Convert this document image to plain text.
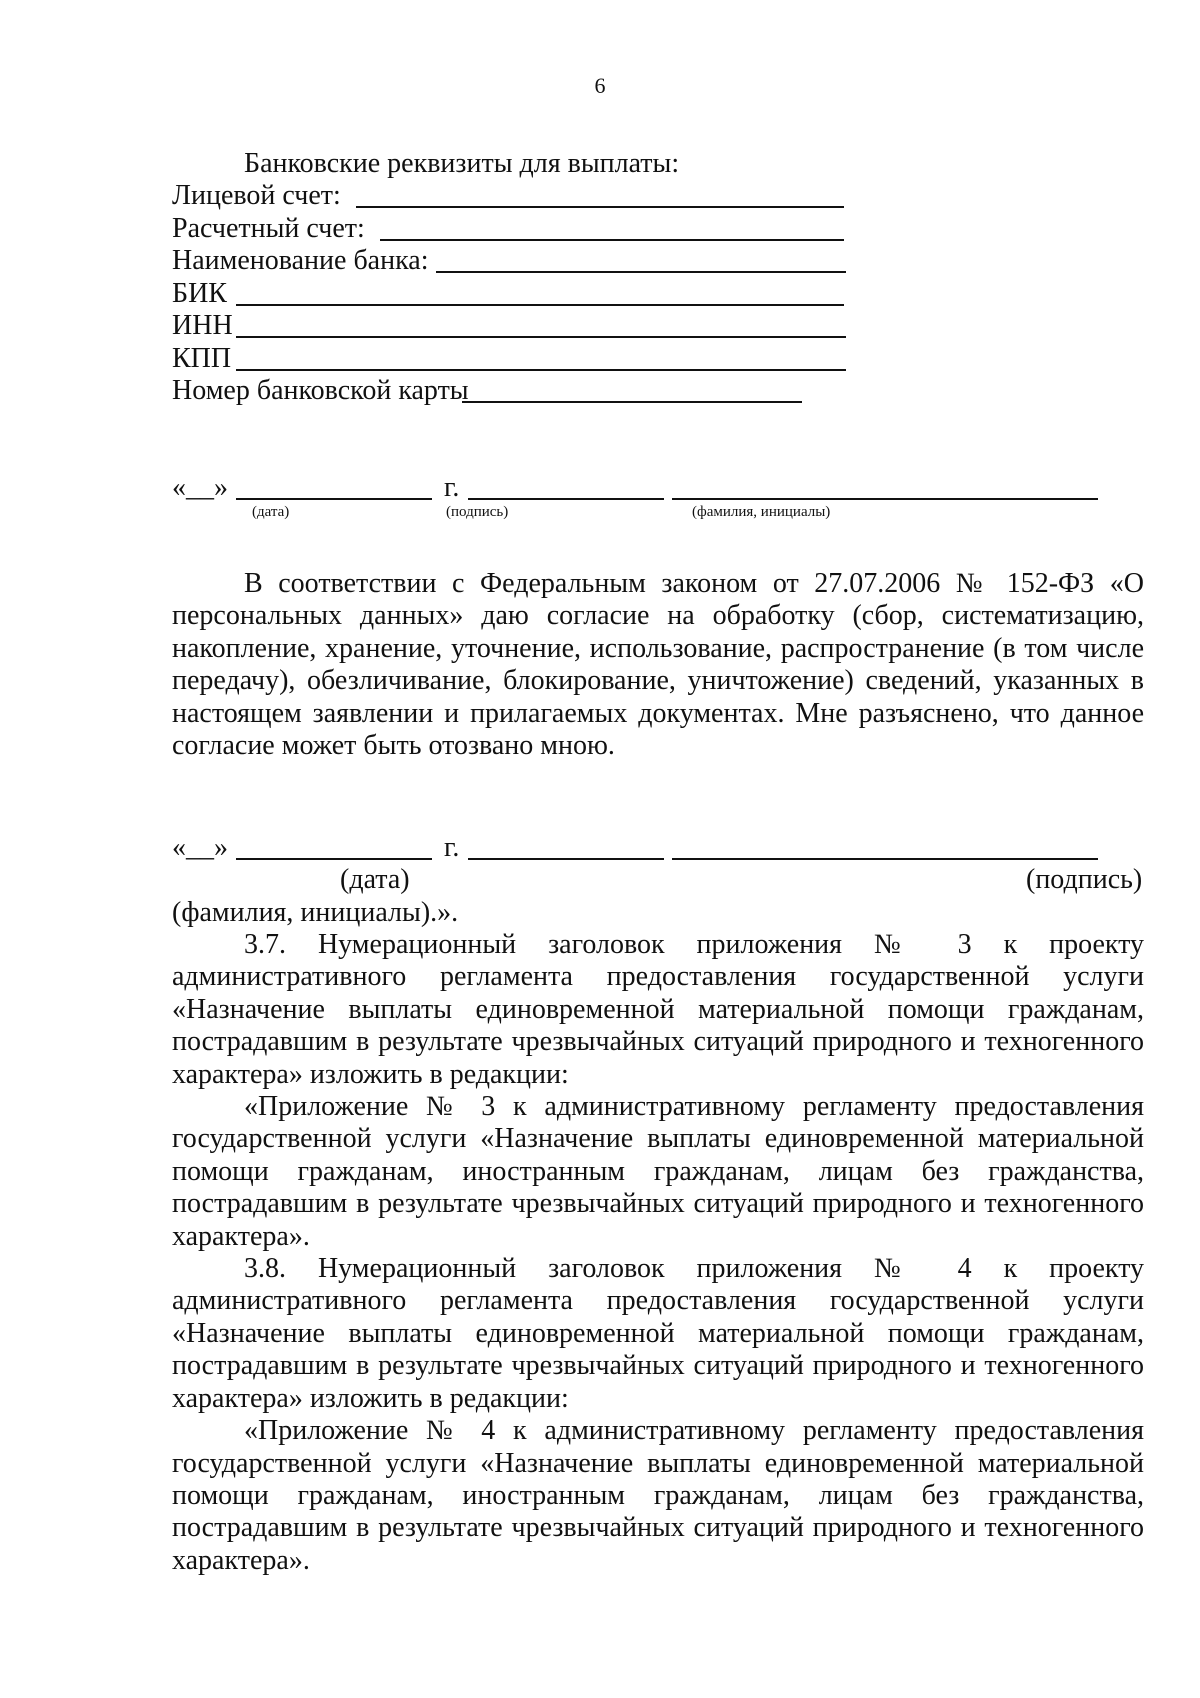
6
Банковские реквизиты для выплаты:
Лицевой счет:
Расчетный счет:
Наименование банка:
БИК
ИНН
КПП
Номер банковской карты
«__»	г.
(дата)	(подпись)	(фамилия, инициалы)
В соответствии с Федеральным законом от 27.07.2006 № 152-ФЗ «О персональных данных» даю согласие на обработку (сбор, систематизацию, накопление, хранение, уточнение, использование, распространение (в том числе передачу), обезличивание, блокирование, уничтожение) сведений, указанных в настоящем заявлении и прилагаемых документах. Мне разъяснено, что данное согласие может быть отозвано мною.
«__»	г.
(дата)	(подпись)
(фамилия, инициалы).».

3.7. Нумерационный заголовок приложения № 3 к проекту административного регламента предоставления государственной услуги «Назначение выплаты единовременной материальной помощи гражданам, пострадавшим в результате чрезвычайных ситуаций природного и техногенного характера» изложить в редакции:

«Приложение № 3 к административному регламенту предоставления государственной услуги «Назначение выплаты единовременной материальной помощи гражданам, иностранным гражданам, лицам без гражданства, пострадавшим в результате чрезвычайных ситуаций природного и техногенного характера».

3.8. Нумерационный заголовок приложения № 4 к проекту административного регламента предоставления государственной услуги «Назначение выплаты единовременной материальной помощи гражданам, пострадавшим в результате чрезвычайных ситуаций природного и техногенного характера» изложить в редакции:

«Приложение № 4 к административному регламенту предоставления государственной услуги «Назначение выплаты единовременной материальной помощи гражданам, иностранным гражданам, лицам без гражданства, пострадавшим в результате чрезвычайных ситуаций природного и техногенного характера».
